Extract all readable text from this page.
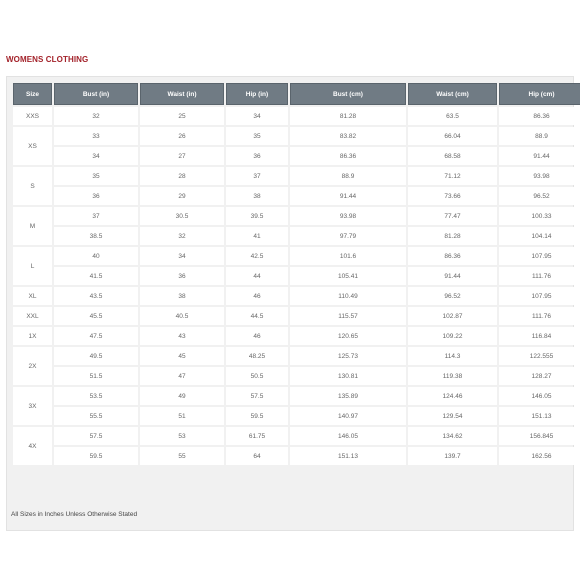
WOMENS CLOTHING
Size	Bust (in)	Waist (in)	Hip (in)	Bust (cm)	Waist (cm)	Hip (cm)
XXS	32	25	34	81.28	63.5	86.36
XS	33	26	35	83.82	66.04	88.9
	34	27	36	86.36	68.58	91.44
S	35	28	37	88.9	71.12	93.98
	36	29	38	91.44	73.66	96.52
M	37	30.5	39.5	93.98	77.47	100.33
	38.5	32	41	97.79	81.28	104.14
L	40	34	42.5	101.6	86.36	107.95
	41.5	36	44	105.41	91.44	111.76
XL	43.5	38	46	110.49	96.52	107.95
XXL	45.5	40.5	44.5	115.57	102.87	111.76
1X	47.5	43	46	120.65	109.22	116.84
2X	49.5	45	48.25	125.73	114.3	122.555
	51.5	47	50.5	130.81	119.38	128.27
3X	53.5	49	57.5	135.89	124.46	146.05
	55.5	51	59.5	140.97	129.54	151.13
4X	57.5	53	61.75	146.05	134.62	156.845
	59.5	55	64	151.13	139.7	162.56
All Sizes in Inches Unless Otherwise Stated
